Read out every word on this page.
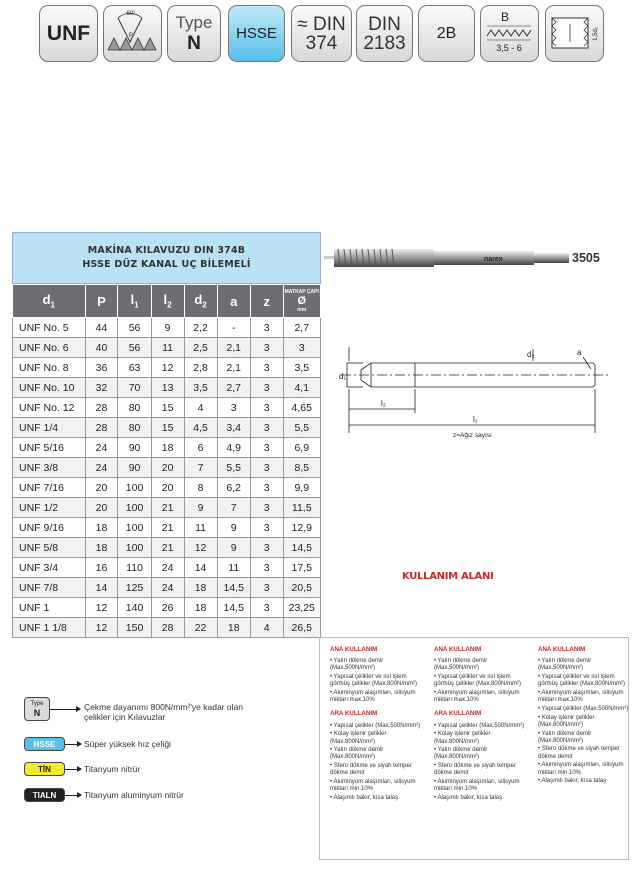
UNF
60°
P
Type
N HSSE ≈ DIN
374
DIN
2183 2B
B
3,5 - 6
1,5d₁
MAKİNA KILAVUZU DIN 374B
HSSE DÜZ KANAL UÇ BİLEMELİ
$d_1$	P	$l_1$	$l_2$	$d_2$	a	z	MATKAP ÇAPI
Ø
mm

UNF No. 5	44	56	9	2,2	-	3	2,7
UNF No. 6	40	56	11	2,5	2,1	3	3
UNF No. 8	36	63	12	2,8	2,1	3	3,5
UNF No. 10	32	70	13	3,5	2,7	3	4,1
UNF No. 12	28	80	15	4	3	3	4,65
UNF 1/4	28	80	15	4,5	3,4	3	5,5
UNF 5/16	24	90	18	6	4,9	3	6,9
UNF 3/8	24	90	20	7	5,5	3	8,5
UNF 7/16	20	100	20	8	6,2	3	9,9
UNF 1/2	20	100	21	9	7	3	11,5
UNF 9/16	18	100	21	11	9	3	12,9
UNF 5/8	18	100	21	12	9	3	14,5
UNF 3/4	16	110	24	14	11	3	17,5
UNF 7/8	14	125	24	18	14,5	3	20,5
UNF 1	12	140	26	18	14,5	3	23,25
UNF 1 1/8	12	150	28	22	18	4	26,5
narex	3505
d₁
d₂	a
l₂
l₁
z=Ağız sayısı
KULLANIM ALANI
ANA KULLANIM
• Yalın dökme demir (Max.500N/mm²)
• Yapısal çelikler ve ısıl işlem görmüş çelikler (Max.800N/mm²)
• Aluminyum alaşımları, silisyum miktarı max.10%
ARA KULLANIM
• Yapısal çelikler (Max.500N/mm²)
• Kolay işlenir çelikler (Max.800N/mm²)
• Yalın dökme demir (Max.800N/mm²)
• Sfero dökme ve siyah temper dökme demir
• Aluminyum alaşımları, silisyum miktarı min.10%
• Alaşımlı bakır, kısa talaş
ANA KULLANIM
• Yalın dökme demir (Max.500N/mm²)
• Yapısal çelikler ve ısıl işlem görmüş çelikler (Max.800N/mm²)
• Aluminyum alaşımları, silisyum miktarı max.10%
ARA KULLANIM
• Yapısal çelikler (Max.500N/mm²)
• Kolay işlenir çelikler (Max.800N/mm²)
• Yalın dökme demir (Max.800N/mm²)
• Sfero dökme ve siyah temper dökme demir
• Aluminyum alaşımları, silisyum miktarı min.10%
• Alaşımlı bakır, kısa talaş
ANA KULLANIM
• Yalın dökme demir (Max.500N/mm²)
• Yapısal çelikler ve ısıl işlem görmüş çelikler (Max.800N/mm²)
• Aluminyum alaşımları, silisyum miktarı max.10%
• Yapısal çelikler (Max.500N/mm²)
• Kolay işlenir çelikler (Max.800N/mm²)
• Yalın dökme demir (Max.800N/mm²)
• Sfero dökme ve siyah temper dökme demir
• Aluminyum alaşımları, silisyum miktarı min.10%
• Alaşımlı bakır, kısa talaş
Type
N
Çekme dayanımı 800N/mm²'ye kadar olan çelikler için Kılavuzlar
HSSE	Süper yüksek hız çeliği
TİN	Titanyum nitrür
TIALN	Titanyum aluminyum nitrür
